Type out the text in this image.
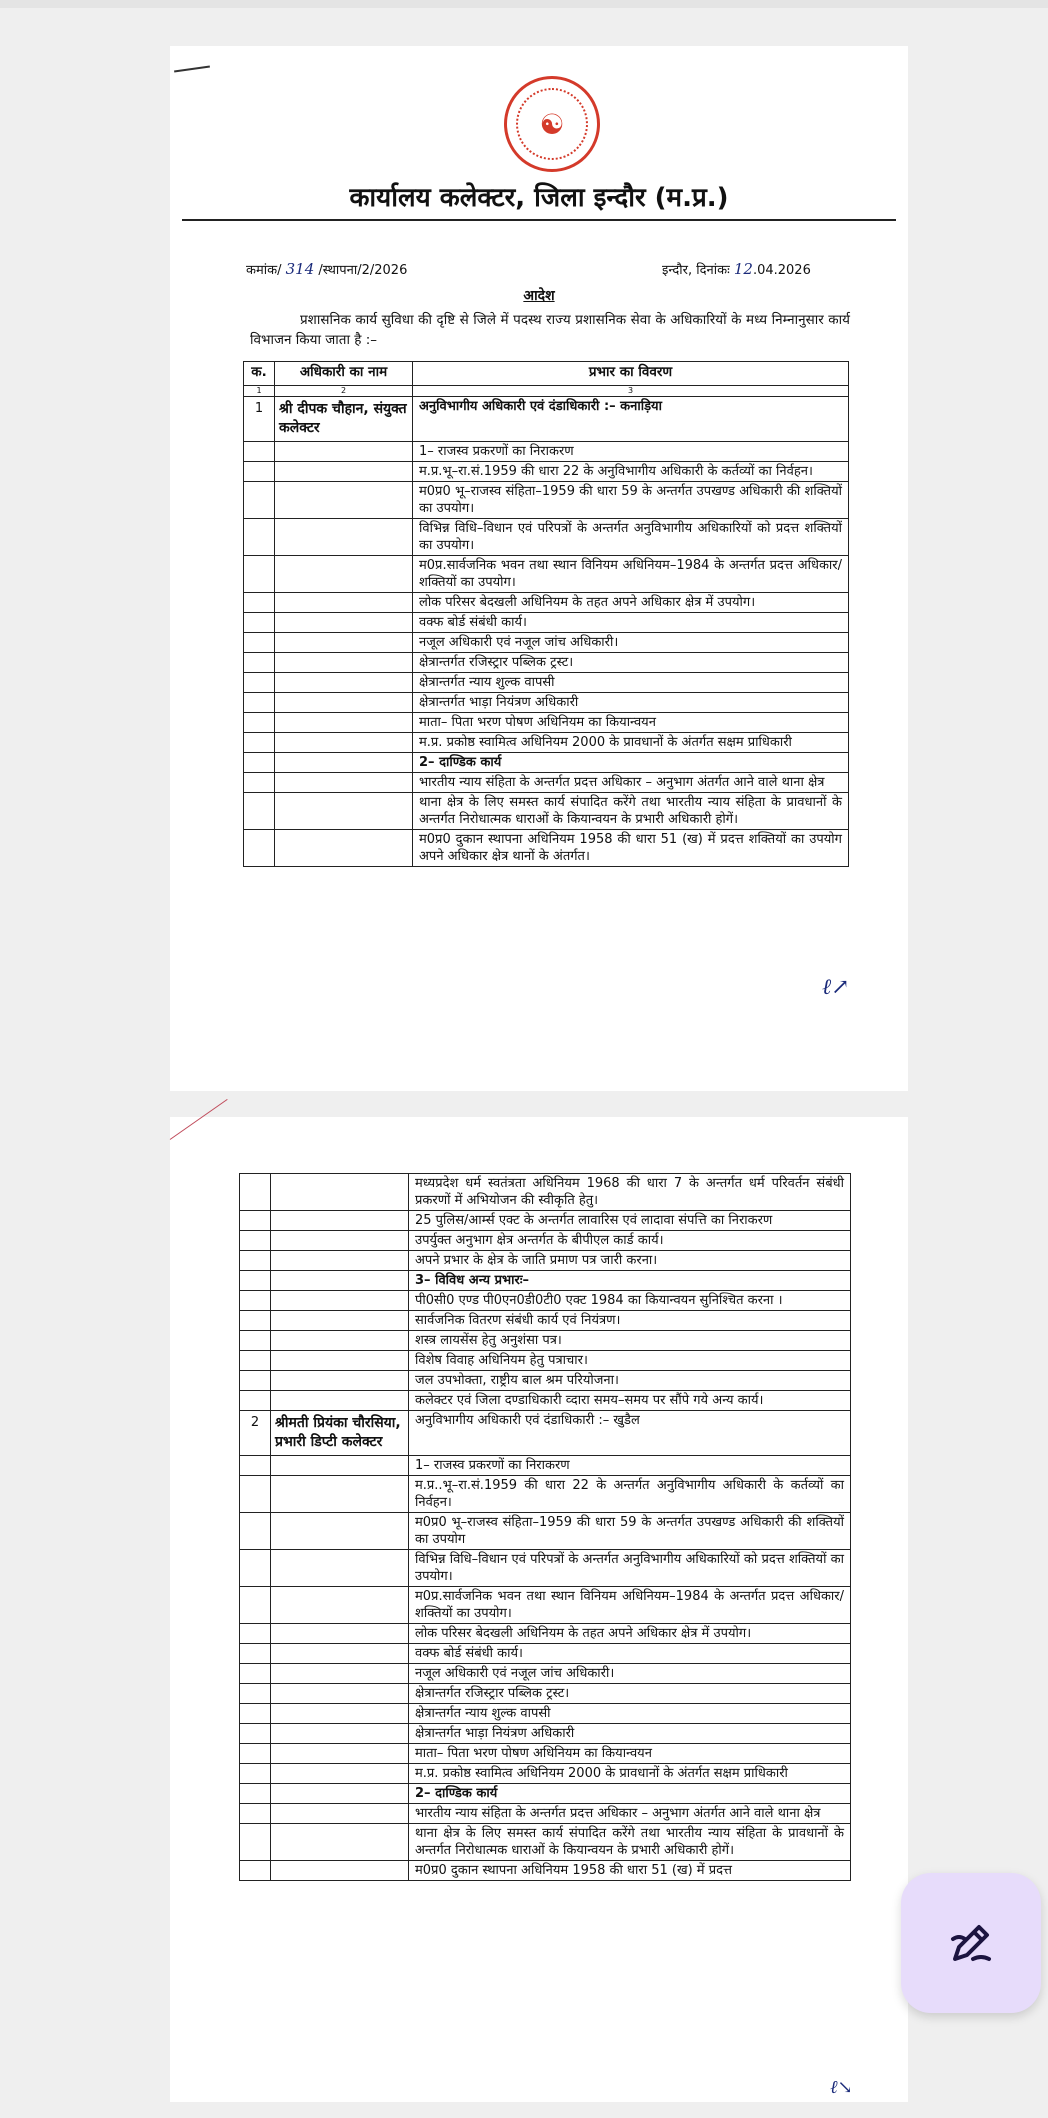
☯
कार्यालय कलेक्टर, जिला इन्दौर (म.प्र.)
कमांक/ 314 /स्थापना/2/2026	इन्दौर, दिनांकः 12.04.2026
आदेश
प्रशासनिक कार्य सुविधा की दृष्टि से जिले में पदस्थ राज्य प्रशासनिक सेवा के अधिकारियों के मध्य निम्नानुसार कार्य विभाजन किया जाता है :–
क.	अधिकारी का नाम	प्रभार का विवरण
1	2	3
1	श्री दीपक चौहान, संयुक्त कलेक्टर	अनुविभागीय अधिकारी एवं दंडाधिकारी :– कनाड़िया
		1– राजस्व प्रकरणों का निराकरण
		म.प्र.भू–रा.सं.1959 की धारा 22 के अनुविभागीय अधिकारी के कर्तव्यों का निर्वहन।
		म0प्र0 भू–राजस्व संहिता–1959 की धारा 59 के अन्तर्गत उपखण्ड अधिकारी की शक्तियों का उपयोग।
		विभिन्न विधि–विधान एवं परिपत्रों के अन्तर्गत अनुविभागीय अधिकारियों को प्रदत्त शक्तियों का उपयोग।
		म0प्र.सार्वजनिक भवन तथा स्थान विनियम अधिनियम–1984 के अन्तर्गत प्रदत्त अधिकार/शक्तियों का उपयोग।
		लोक परिसर बेदखली अधिनियम के तहत अपने अधिकार क्षेत्र में उपयोग।
		वक्फ बोर्ड संबंधी कार्य।
		नजूल अधिकारी एवं नजूल जांच अधिकारी।
		क्षेत्रान्तर्गत रजिस्ट्रार पब्लिक ट्रस्ट।
		क्षेत्रान्तर्गत न्याय शुल्क वापसी
		क्षेत्रान्तर्गत भाड़ा नियंत्रण अधिकारी
		माता– पिता भरण पोषण अधिनियम का कियान्वयन
		म.प्र. प्रकोष्ठ स्वामित्व अधिनियम 2000 के प्रावधानों के अंतर्गत सक्षम प्राधिकारी
		2– दाण्डिक कार्य
		भारतीय न्याय संहिता के अन्तर्गत प्रदत्त अधिकार – अनुभाग अंतर्गत आने वाले थाना क्षेत्र
		थाना क्षेत्र के लिए समस्त कार्य संपादित करेंगे तथा भारतीय न्याय संहिता के प्रावधानों के अन्तर्गत निरोधात्मक धाराओं के कियान्वयन के प्रभारी अधिकारी होगें।
		म0प्र0 दुकान स्थापना अधिनियम 1958 की धारा 51 (ख) में प्रदत्त शक्तियों का उपयोग अपने अधिकार क्षेत्र थानों के अंतर्गत।
ℓ↗
		मध्यप्रदेश धर्म स्वतंत्रता अधिनियम 1968 की धारा 7 के अन्तर्गत धर्म परिवर्तन संबंधी प्रकरणों में अभियोजन की स्वीकृति हेतु।
		25 पुलिस/आर्म्स एक्ट के अन्तर्गत लावारिस एवं लादावा संपत्ति का निराकरण
		उपर्युक्त अनुभाग क्षेत्र अन्तर्गत के बीपीएल कार्ड कार्य।
		अपने प्रभार के क्षेत्र के जाति प्रमाण पत्र जारी करना।
		3– विविध अन्य प्रभारः–
		पी0सी0 एण्ड पी0एन0डी0टी0 एक्ट 1984 का कियान्वयन सुनिश्चित करना ।
		सार्वजनिक वितरण संबंधी कार्य एवं नियंत्रण।
		शस्त्र लायसेंस हेतु अनुशंसा पत्र।
		विशेष विवाह अधिनियम हेतु पत्राचार।
		जल उपभोक्ता, राष्ट्रीय बाल श्रम परियोजना।
		कलेक्टर एवं जिला दण्डाधिकारी व्दारा समय–समय पर सौंपे गये अन्य कार्य।
2	श्रीमती प्रियंका चौरसिया, प्रभारी डिप्टी कलेक्टर	अनुविभागीय अधिकारी एवं दंडाधिकारी :– खुडैल
		1– राजस्व प्रकरणों का निराकरण
		म.प्र..भू–रा.सं.1959 की धारा 22 के अन्तर्गत अनुविभागीय अधिकारी के कर्तव्यों का निर्वहन।
		म0प्र0 भू–राजस्व संहिता–1959 की धारा 59 के अन्तर्गत उपखण्ड अधिकारी की शक्तियों का उपयोग
		विभिन्न विधि–विधान एवं परिपत्रों के अन्तर्गत अनुविभागीय अधिकारियों को प्रदत्त शक्तियों का उपयोग।
		म0प्र.सार्वजनिक भवन तथा स्थान विनियम अधिनियम–1984 के अन्तर्गत प्रदत्त अधिकार/शक्तियों का उपयोग।
		लोक परिसर बेदखली अधिनियम के तहत अपने अधिकार क्षेत्र में उपयोग।
		वक्फ बोर्ड संबंधी कार्य।
		नजूल अधिकारी एवं नजूल जांच अधिकारी।
		क्षेत्रान्तर्गत रजिस्ट्रार पब्लिक ट्रस्ट।
		क्षेत्रान्तर्गत न्याय शुल्क वापसी
		क्षेत्रान्तर्गत भाड़ा नियंत्रण अधिकारी
		माता– पिता भरण पोषण अधिनियम का कियान्वयन
		म.प्र. प्रकोष्ठ स्वामित्व अधिनियम 2000 के प्रावधानों के अंतर्गत सक्षम प्राधिकारी
		2– दाण्डिक कार्य
		भारतीय न्याय संहिता के अन्तर्गत प्रदत्त अधिकार – अनुभाग अंतर्गत आने वाले थाना क्षेत्र
		थाना क्षेत्र के लिए समस्त कार्य संपादित करेंगे तथा भारतीय न्याय संहिता के प्रावधानों के अन्तर्गत निरोधात्मक धाराओं के कियान्वयन के प्रभारी अधिकारी होगें।
		म0प्र0 दुकान स्थापना अधिनियम 1958 की धारा 51 (ख) में प्रदत्त
ℓ↘
